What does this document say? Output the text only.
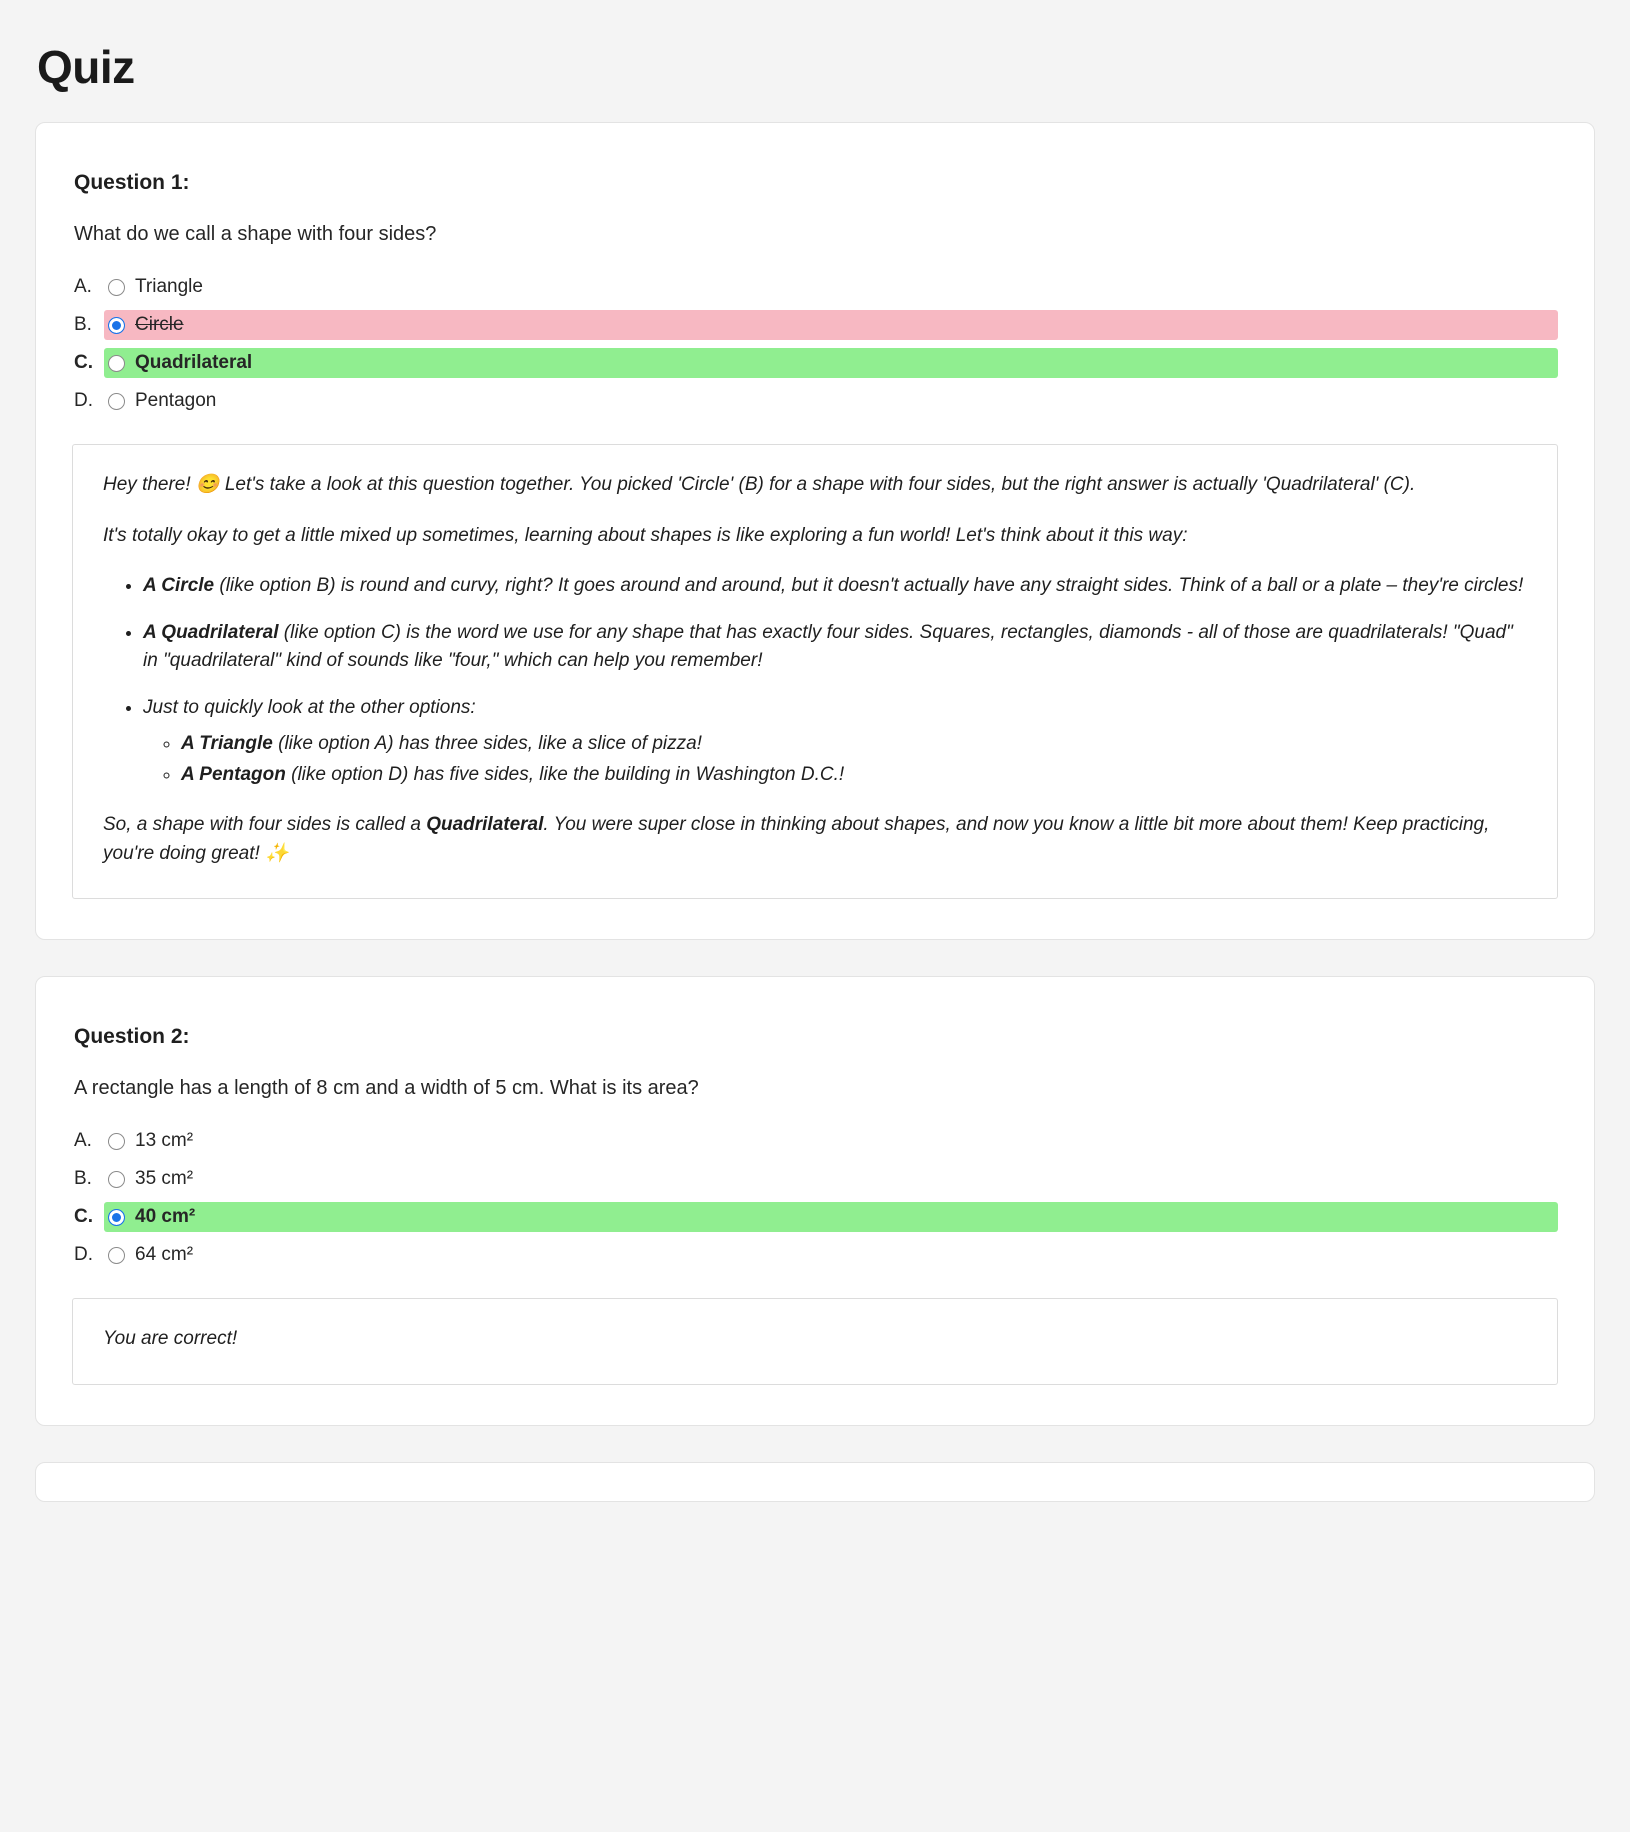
Quiz
Question 1:
What do we call a shape with four sides?
A.	Triangle
B.	Circle
C.	Quadrilateral
D.	Pentagon

Hey there! 😊 Let's take a look at this question together. You picked 'Circle' (B) for a shape with four sides, but the right answer is actually 'Quadrilateral' (C).

It's totally okay to get a little mixed up sometimes, learning about shapes is like exploring a fun world! Let's think about it this way:

• A Circle (like option B) is round and curvy, right? It goes around and around, but it doesn't actually have any straight sides. Think of a ball or a plate – they're circles!
• A Quadrilateral (like option C) is the word we use for any shape that has exactly four sides. Squares, rectangles, diamonds - all of those are quadrilaterals! "Quad" in "quadrilateral" kind of sounds like "four," which can help you remember!
• Just to quickly look at the other options:
◦ A Triangle (like option A) has three sides, like a slice of pizza!
◦ A Pentagon (like option D) has five sides, like the building in Washington D.C.!

So, a shape with four sides is called a Quadrilateral. You were super close in thinking about shapes, and now you know a little bit more about them! Keep practicing, you're doing great! ✨

Question 2:
A rectangle has a length of 8 cm and a width of 5 cm. What is its area?
A.	13 cm²
B.	35 cm²
C.	40 cm²
D.	64 cm²

You are correct!
